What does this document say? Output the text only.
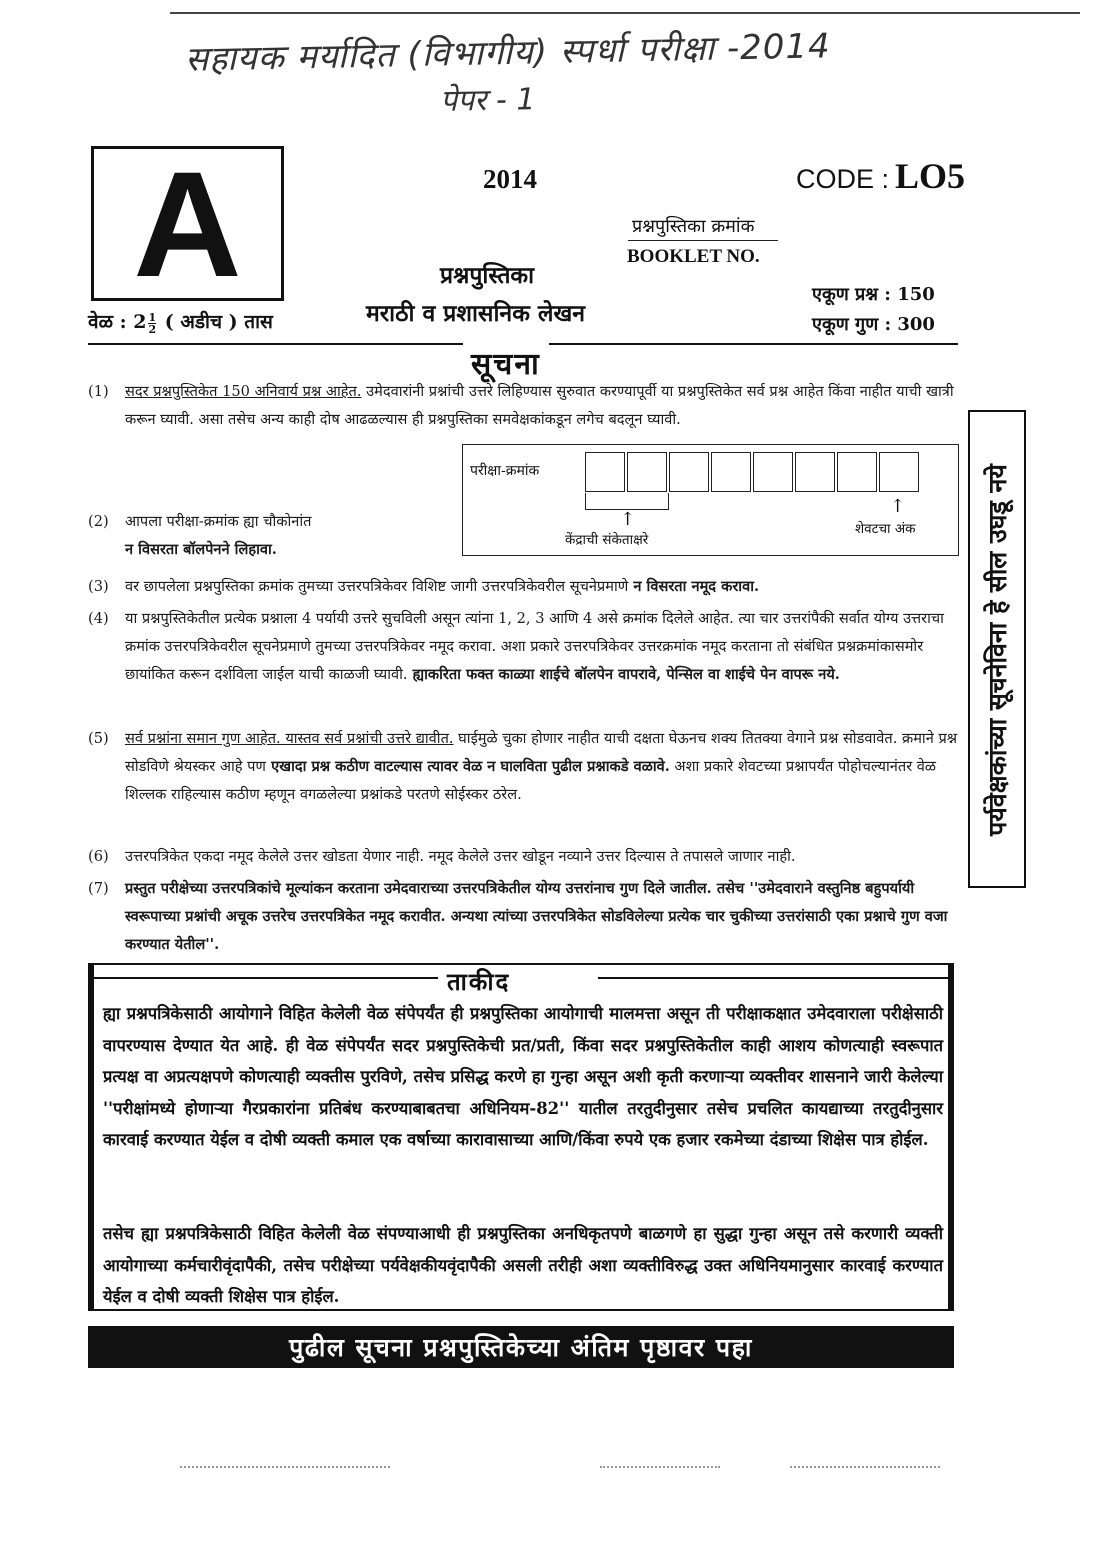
सहायक मर्यादित (विभागीय) स्पर्धा परीक्षा -2014
पेपर - 1
A	2014	CODE : LO5
प्रश्नपुस्तिका क्रमांक
BOOKLET NO.
प्रश्नपुस्तिका
मराठी व प्रशासनिक लेखन
वेळ : $2 \frac{1}{2}$ ( अडीच ) तास
एकूण प्रश्न : 150
एकूण गुण : 300
सूचना
(1) सदर प्रश्नपुस्तिकेत 150 अनिवार्य प्रश्न आहेत. उमेदवारांनी प्रश्नांची उत्तरे लिहिण्यास सुरुवात करण्यापूर्वी या प्रश्नपुस्तिकेत सर्व प्रश्न आहेत किंवा नाहीत याची खात्री करून घ्यावी. असा तसेच अन्य काही दोष आढळल्यास ही प्रश्नपुस्तिका समवेक्षकांकडून लगेच बदलून घ्यावी.
परीक्षा-क्रमांक
↑
↑
केंद्राची संकेताक्षरे
शेवटचा अंक
(2) आपला परीक्षा-क्रमांक ह्या चौकोनांत
न विसरता बॉलपेनने लिहावा.
(3) वर छापलेला प्रश्नपुस्तिका क्रमांक तुमच्या उत्तरपत्रिकेवर विशिष्ट जागी उत्तरपत्रिकेवरील सूचनेप्रमाणे न विसरता नमूद करावा.
(4) या प्रश्नपुस्तिकेतील प्रत्येक प्रश्नाला 4 पर्यायी उत्तरे सुचविली असून त्यांना 1, 2, 3 आणि 4 असे क्रमांक दिलेले आहेत. त्या चार उत्तरांपैकी सर्वात योग्य उत्तराचा क्रमांक उत्तरपत्रिकेवरील सूचनेप्रमाणे तुमच्या उत्तरपत्रिकेवर नमूद करावा. अशा प्रकारे उत्तरपत्रिकेवर उत्तरक्रमांक नमूद करताना तो संबंधित प्रश्नक्रमांकासमोर छायांकित करून दर्शविला जाईल याची काळजी घ्यावी. ह्याकरिता फक्त काळ्या शाईचे बॉलपेन वापरावे, पेन्सिल वा शाईचे पेन वापरू नये.
(5) सर्व प्रश्नांना समान गुण आहेत. यास्तव सर्व प्रश्नांची उत्तरे द्यावीत. घाईमुळे चुका होणार नाहीत याची दक्षता घेऊनच शक्य तितक्या वेगाने प्रश्न सोडवावेत. क्रमाने प्रश्न सोडविणे श्रेयस्कर आहे पण एखादा प्रश्न कठीण वाटल्यास त्यावर वेळ न घालविता पुढील प्रश्नाकडे वळावे. अशा प्रकारे शेवटच्या प्रश्नापर्यंत पोहोचल्यानंतर वेळ शिल्लक राहिल्यास कठीण म्हणून वगळलेल्या प्रश्नांकडे परतणे सोईस्कर ठरेल.
(6) उत्तरपत्रिकेत एकदा नमूद केलेले उत्तर खोडता येणार नाही. नमूद केलेले उत्तर खोडून नव्याने उत्तर दिल्यास ते तपासले जाणार नाही.
(7) प्रस्तुत परीक्षेच्या उत्तरपत्रिकांचे मूल्यांकन करताना उमेदवाराच्या उत्तरपत्रिकेतील योग्य उत्तरांनाच गुण दिले जातील. तसेच ''उमेदवाराने वस्तुनिष्ठ बहुपर्यायी स्वरूपाच्या प्रश्नांची अचूक उत्तरेच उत्तरपत्रिकेत नमूद करावीत. अन्यथा त्यांच्या उत्तरपत्रिकेत सोडविलेल्या प्रत्येक चार चुकीच्या उत्तरांसाठी एका प्रश्नाचे गुण वजा करण्यात येतील''.
पर्यवेक्षकांच्या सूचनेविना हे सील उघडू नये
ताकीद
ह्या प्रश्नपत्रिकेसाठी आयोगाने विहित केलेली वेळ संपेपर्यंत ही प्रश्नपुस्तिका आयोगाची मालमत्ता असून ती परीक्षाकक्षात उमेदवाराला परीक्षेसाठी वापरण्यास देण्यात येत आहे. ही वेळ संपेपर्यंत सदर प्रश्नपुस्तिकेची प्रत/प्रती, किंवा सदर प्रश्नपुस्तिकेतील काही आशय कोणत्याही स्वरूपात प्रत्यक्ष वा अप्रत्यक्षपणे कोणत्याही व्यक्तीस पुरविणे, तसेच प्रसिद्ध करणे हा गुन्हा असून अशी कृती करणाऱ्या व्यक्तीवर शासनाने जारी केलेल्या ''परीक्षांमध्ये होणाऱ्या गैरप्रकारांना प्रतिबंध करण्याबाबतचा अधिनियम-82'' यातील तरतुदीनुसार तसेच प्रचलित कायद्याच्या तरतुदीनुसार कारवाई करण्यात येईल व दोषी व्यक्ती कमाल एक वर्षाच्या कारावासाच्या आणि/किंवा रुपये एक हजार रकमेच्या दंडाच्या शिक्षेस पात्र होईल.
तसेच ह्या प्रश्नपत्रिकेसाठी विहित केलेली वेळ संपण्याआधी ही प्रश्नपुस्तिका अनधिकृतपणे बाळगणे हा सुद्धा गुन्हा असून तसे करणारी व्यक्ती आयोगाच्या कर्मचारीवृंदापैकी, तसेच परीक्षेच्या पर्यवेक्षकीयवृंदापैकी असली तरीही अशा व्यक्तीविरुद्ध उक्त अधिनियमानुसार कारवाई करण्यात येईल व दोषी व्यक्ती शिक्षेस पात्र होईल.
पुढील सूचना प्रश्नपुस्तिकेच्या अंतिम पृष्ठावर पहा
